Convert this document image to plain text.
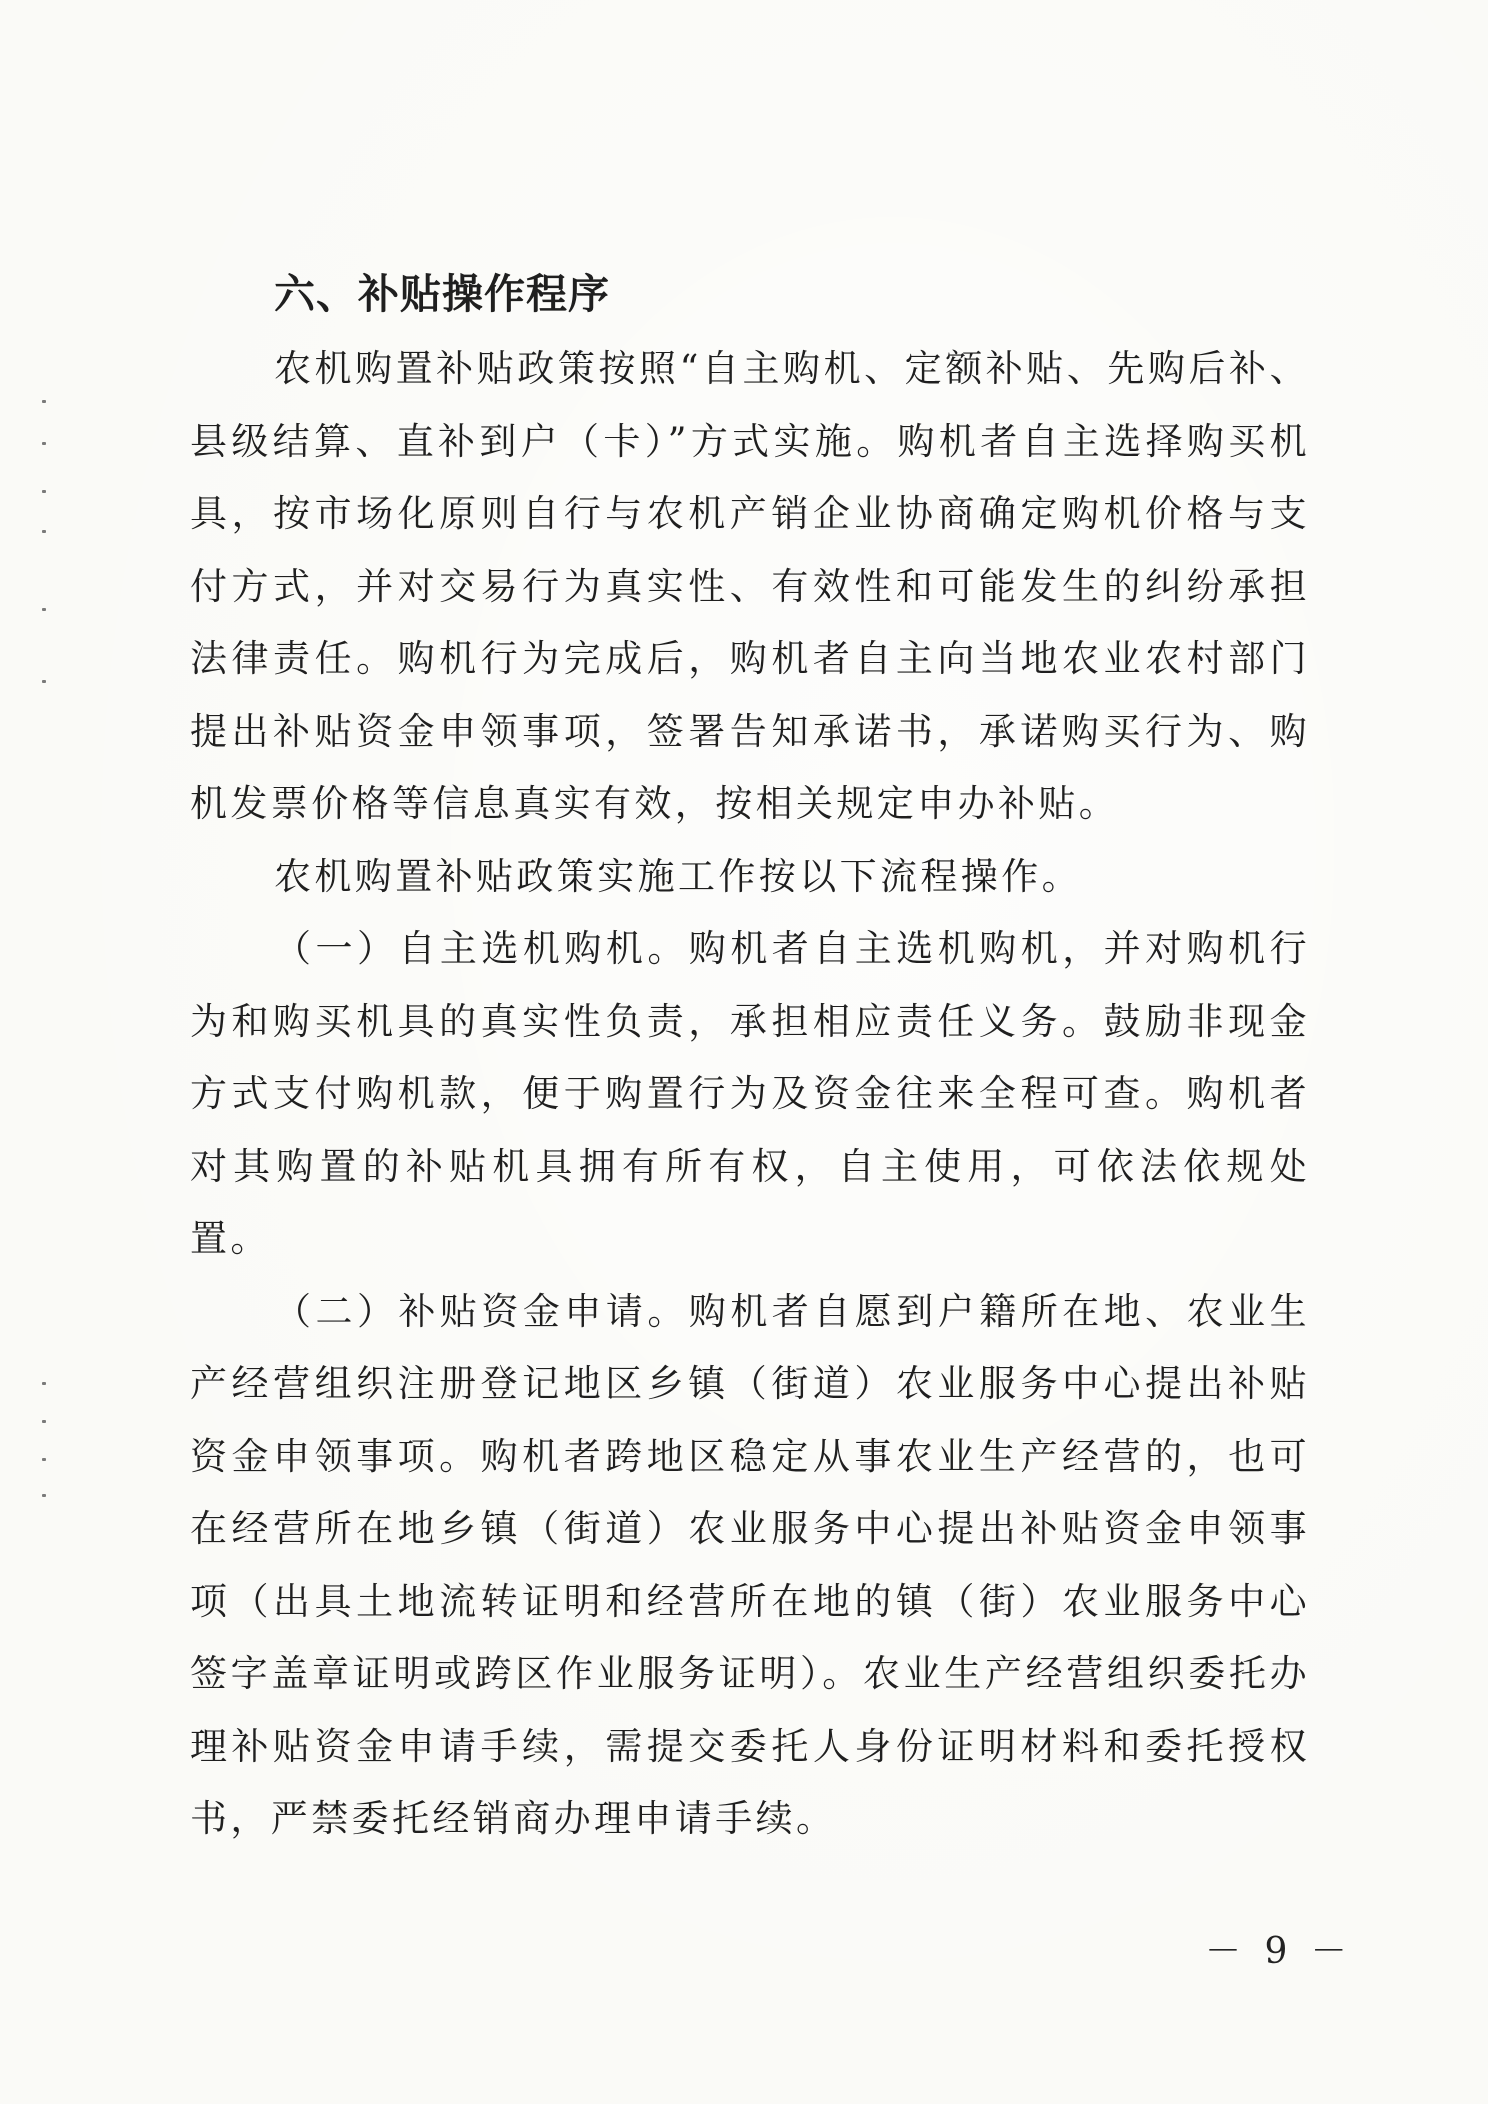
六、补贴操作程序

农机购置补贴政策按照“自主购机、定额补贴、先购后补、县级结算、直补到户（卡）”方式实施。购机者自主选择购买机具，按市场化原则自行与农机产销企业协商确定购机价格与支付方式，并对交易行为真实性、有效性和可能发生的纠纷承担法律责任。购机行为完成后，购机者自主向当地农业农村部门提出补贴资金申领事项，签署告知承诺书，承诺购买行为、购机发票价格等信息真实有效，按相关规定申办补贴。

农机购置补贴政策实施工作按以下流程操作。

（一）自主选机购机。购机者自主选机购机，并对购机行为和购买机具的真实性负责，承担相应责任义务。鼓励非现金方式支付购机款，便于购置行为及资金往来全程可查。购机者对其购置的补贴机具拥有所有权，自主使用，可依法依规处置。

（二）补贴资金申请。购机者自愿到户籍所在地、农业生产经营组织注册登记地区乡镇（街道）农业服务中心提出补贴资金申领事项。购机者跨地区稳定从事农业生产经营的，也可在经营所在地乡镇（街道）农业服务中心提出补贴资金申领事项（出具土地流转证明和经营所在地的镇（街）农业服务中心签字盖章证明或跨区作业服务证明）。农业生产经营组织委托办理补贴资金申请手续，需提交委托人身份证明材料和委托授权书，严禁委托经销商办理申请手续。

－ 9 －
